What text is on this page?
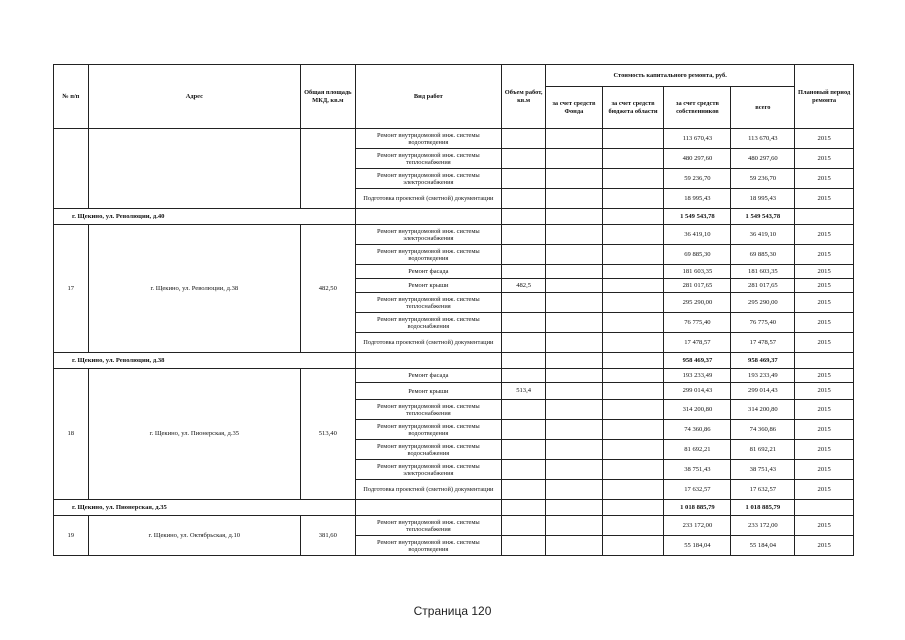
№ п/п	Адрес	Общая площадь МКД, кв.м	Вид работ	Объем работ, кв.м	Стоимость капитального ремонта, руб.				Плановый период ремонта
					за счет средств Фонда	за счет средств бюджета области	за счет средств собственников	всего	
			Ремонт внутридомовой инж. системы водоотведения				113 670,43	113 670,43	2015
			Ремонт внутридомовой инж. системы теплоснабжения				480 297,60	480 297,60	2015
			Ремонт внутридомовой инж. системы электроснабжения				59 236,70	59 236,70	2015
			Подготовка проектной (сметной) документации				18 995,43	18 995,43	2015
г. Щекино, ул. Революции, д.40							1 549 543,78	1 549 543,78	
17	г. Щекино, ул. Революции, д.38	482,50	Ремонт внутридомовой инж. системы электроснабжения				36 419,10	36 419,10	2015
			Ремонт внутридомовой инж. системы водоотведения				69 885,30	69 885,30	2015
			Ремонт фасада				181 603,35	181 603,35	2015
			Ремонт крыши	482,5			281 017,65	281 017,65	2015
			Ремонт внутридомовой инж. системы теплоснабжения				295 290,00	295 290,00	2015
			Ремонт внутридомовой инж. системы водоснабжения				76 775,40	76 775,40	2015
			Подготовка проектной (сметной) документации				17 478,57	17 478,57	2015
г. Щекино, ул. Революции, д.38							958 469,37	958 469,37	
18	г. Щекино, ул. Пионерская, д.35	513,40	Ремонт фасада				193 233,49	193 233,49	2015
			Ремонт крыши	513,4			299 014,43	299 014,43	2015
			Ремонт внутридомовой инж. системы теплоснабжения				314 200,80	314 200,80	2015
			Ремонт внутридомовой инж. системы водоотведения				74 360,86	74 360,86	2015
			Ремонт внутридомовой инж. системы водоснабжения				81 692,21	81 692,21	2015
			Ремонт внутридомовой инж. системы электроснабжения				38 751,43	38 751,43	2015
			Подготовка проектной (сметной) документации				17 632,57	17 632,57	2015
г. Щекино, ул. Пионерская, д.35							1 018 885,79	1 018 885,79	
19	г. Щекино, ул. Октябрьская, д.10	381,60	Ремонт внутридомовой инж. системы теплоснабжения				233 172,00	233 172,00	2015
			Ремонт внутридомовой инж. системы водоотведения				55 184,04	55 184,04	2015
Страница 120
